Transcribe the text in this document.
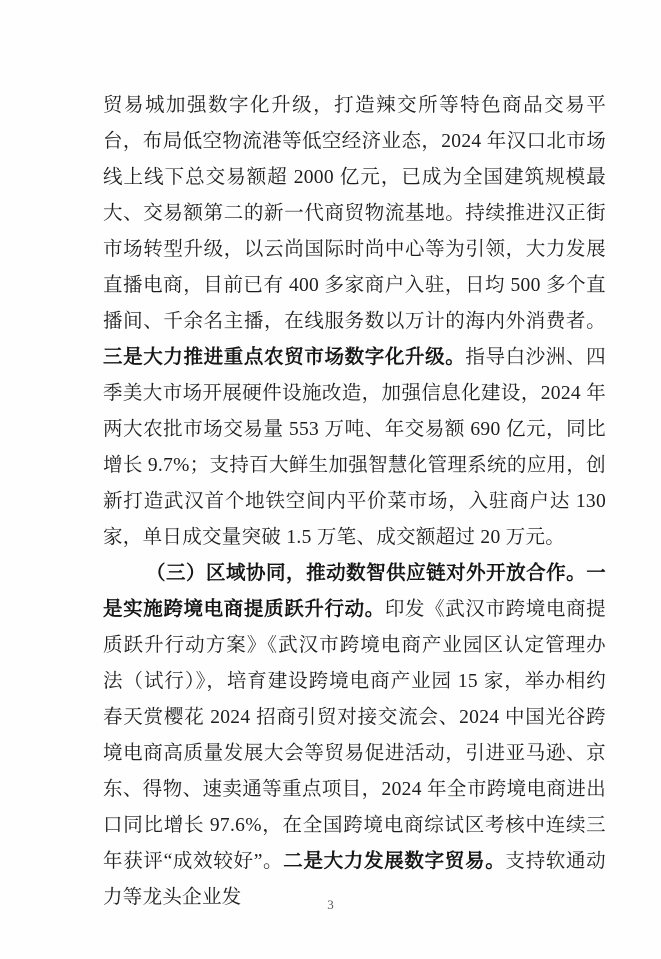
贸易城加强数字化升级，打造辣交所等特色商品交易平台，布局低空物流港等低空经济业态，2024 年汉口北市场线上线下总交易额超 2000 亿元，已成为全国建筑规模最大、交易额第二的新一代商贸物流基地。持续推进汉正街市场转型升级，以云尚国际时尚中心等为引领，大力发展直播电商，目前已有 400 多家商户入驻，日均 500 多个直播间、千余名主播，在线服务数以万计的海内外消费者。三是大力推进重点农贸市场数字化升级。指导白沙洲、四季美大市场开展硬件设施改造，加强信息化建设，2024 年两大农批市场交易量 553 万吨、年交易额 690 亿元，同比增长 9.7%；支持百大鲜生加强智慧化管理系统的应用，创新打造武汉首个地铁空间内平价菜市场，入驻商户达 130 家，单日成交量突破 1.5 万笔、成交额超过 20 万元。

（三）区域协同，推动数智供应链对外开放合作。一是实施跨境电商提质跃升行动。印发《武汉市跨境电商提质跃升行动方案》《武汉市跨境电商产业园区认定管理办法（试行）》，培育建设跨境电商产业园 15 家，举办相约春天赏樱花 2024 招商引贸对接交流会、2024 中国光谷跨境电商高质量发展大会等贸易促进活动，引进亚马逊、京东、得物、速卖通等重点项目，2024 年全市跨境电商进出口同比增长 97.6%，在全国跨境电商综试区考核中连续三年获评“成效较好”。二是大力发展数字贸易。支持软通动力等龙头企业发	3
